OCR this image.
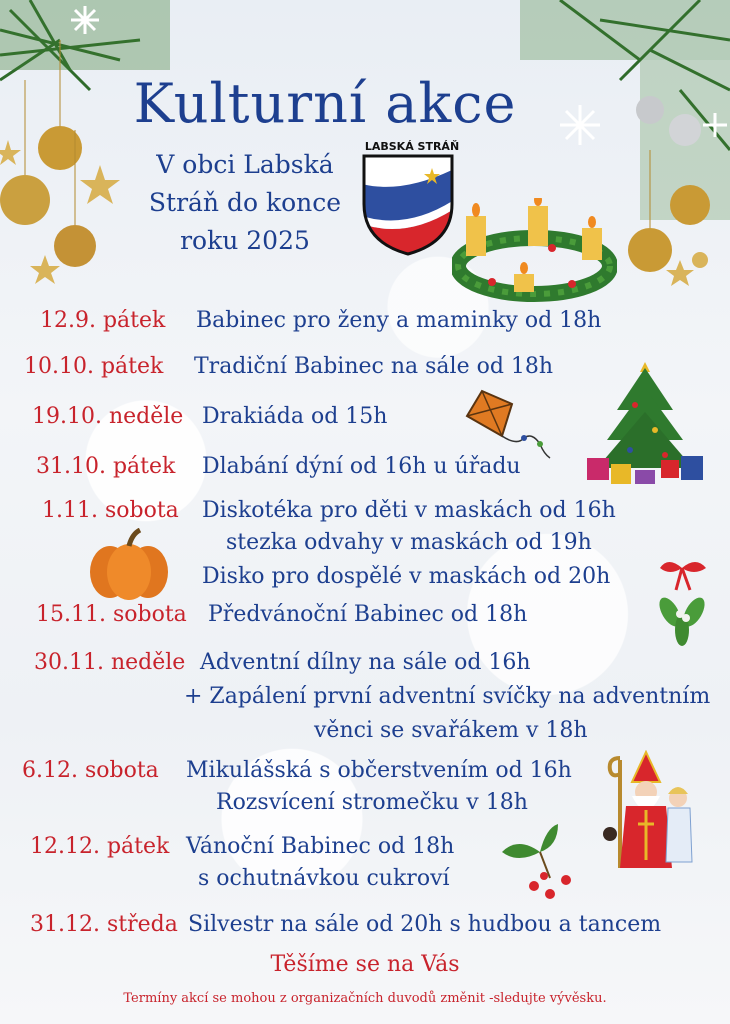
Kulturní akce
V obci Labská
Stráň do konce
roku 2025
LABSKÁ STRÁŇ
12.9. pátek Babinec pro ženy a maminky od 18h
10.10. pátek Tradiční Babinec na sále od 18h
19.10. neděle Drakiáda od 15h
31.10. pátek Dlabání dýní od 16h u úřadu
1.11. sobota Diskotéka pro děti v maskách od 16h
stezka odvahy v maskách od 19h
Disko pro dospělé v maskách od 20h
15.11. sobota Předvánoční Babinec od 18h
30.11. neděle Adventní dílny na sále od 16h
+ Zapálení první adventní svíčky na adventním
věnci se svařákem v 18h
6.12. sobota Mikulášská s občerstvením od 16h
Rozsvícení stromečku v 18h
12.12. pátek Vánoční Babinec od 18h
s ochutnávkou cukroví
31.12. středa Silvestr na sále od 20h s hudbou a tancem
Těšíme se na Vás
Termíny akcí se mohou z organizačních duvodů změnit -sledujte vývěsku.
